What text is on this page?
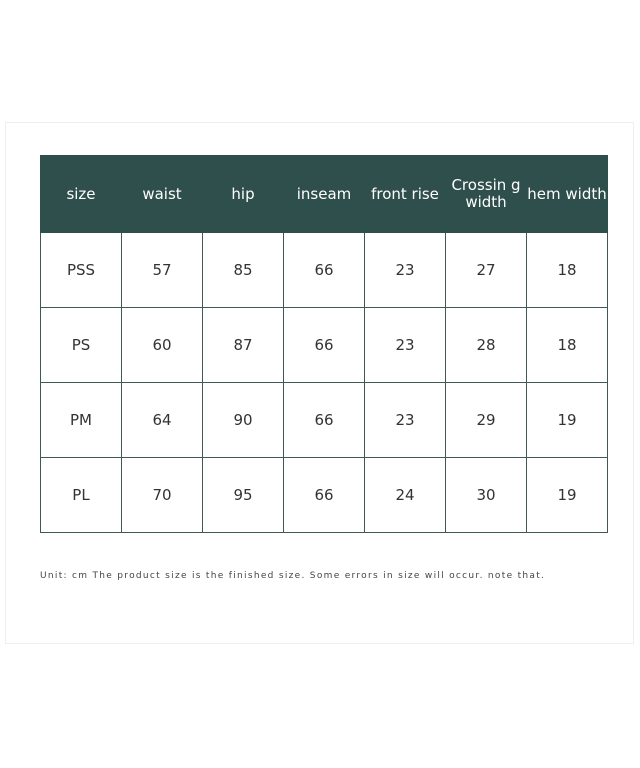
size	waist	hip	inseam	front rise	Crossin g width	hem width
PSS	57	85	66	23	27	18
PS	60	87	66	23	28	18
PM	64	90	66	23	29	19
PL	70	95	66	24	30	19
Unit: cm The product size is the finished size. Some errors in size will occur. note that.
